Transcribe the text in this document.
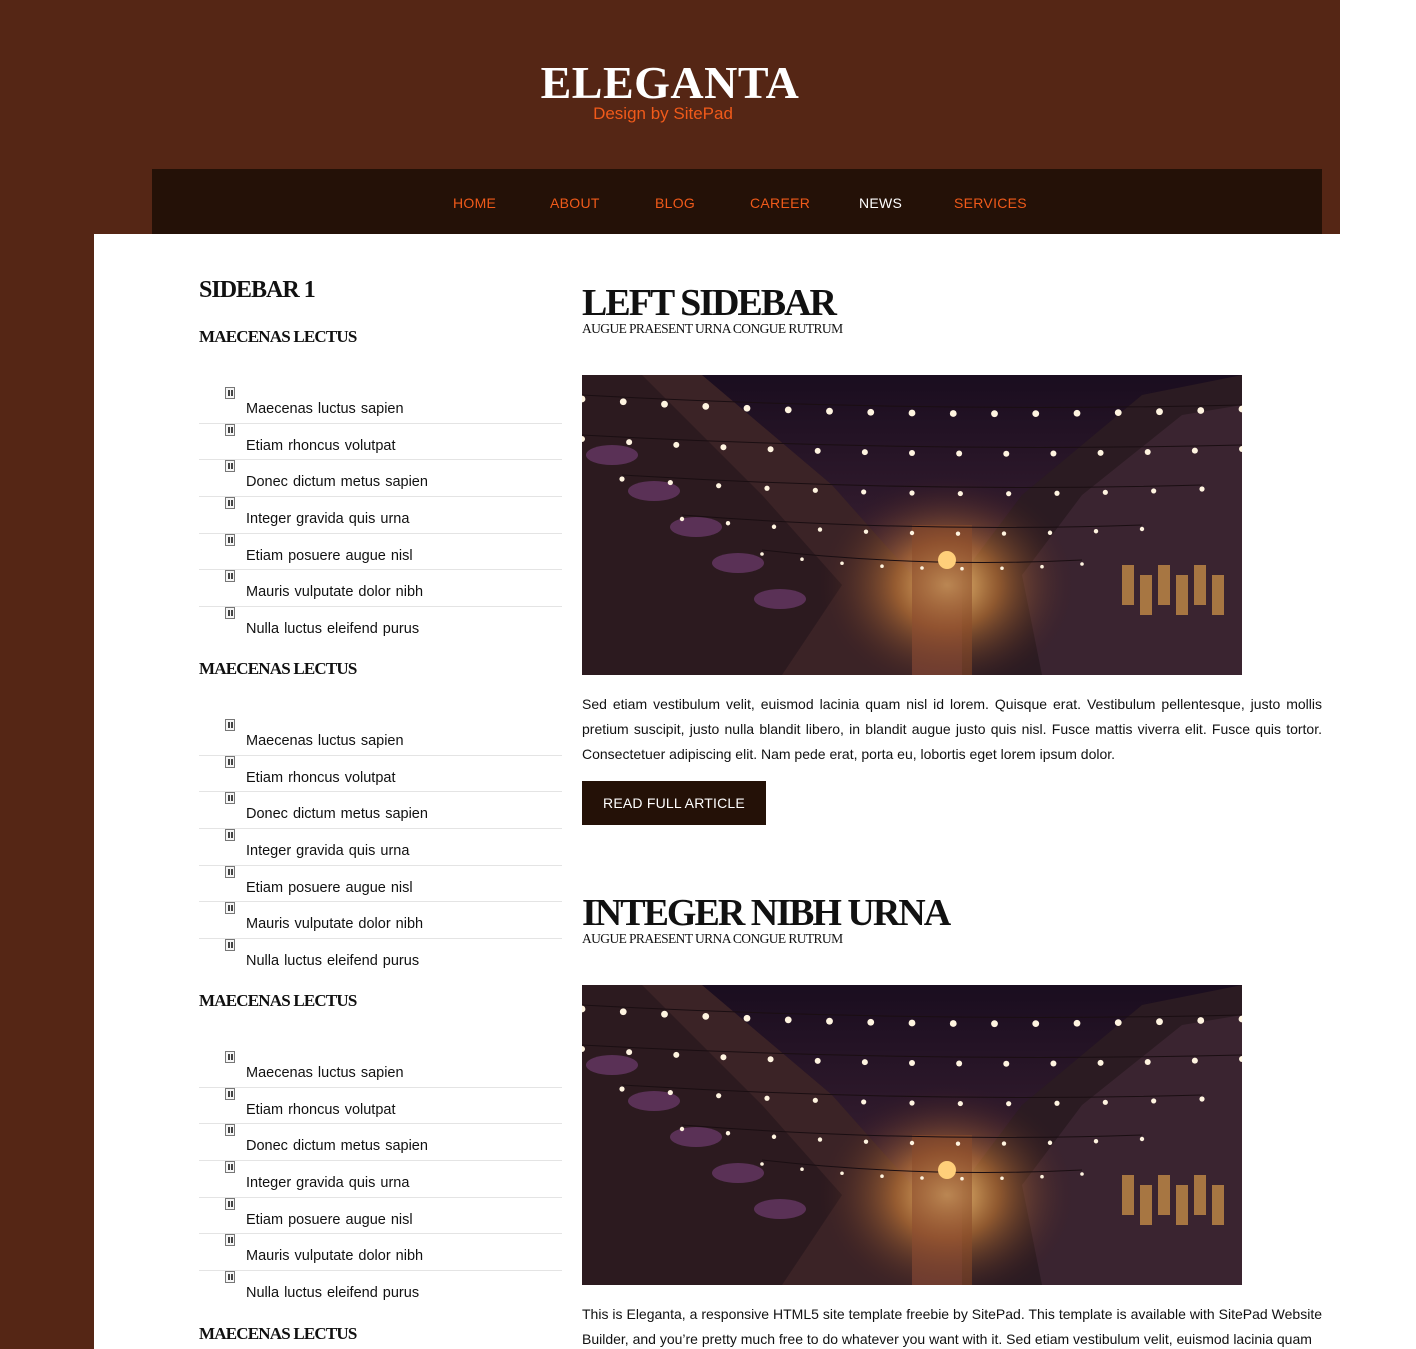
ELEGANTA
Design by SitePad
HOME	ABOUT	BLOG	CAREER	NEWS	SERVICES
SIDEBAR 1
MAECENAS LECTUS
Maecenas luctus sapien
Etiam rhoncus volutpat
Donec dictum metus sapien
Integer gravida quis urna
Etiam posuere augue nisl
Mauris vulputate dolor nibh
Nulla luctus eleifend purus
MAECENAS LECTUS
Maecenas luctus sapien
Etiam rhoncus volutpat
Donec dictum metus sapien
Integer gravida quis urna
Etiam posuere augue nisl
Mauris vulputate dolor nibh
Nulla luctus eleifend purus
MAECENAS LECTUS
Maecenas luctus sapien
Etiam rhoncus volutpat
Donec dictum metus sapien
Integer gravida quis urna
Etiam posuere augue nisl
Mauris vulputate dolor nibh
Nulla luctus eleifend purus
MAECENAS LECTUS
LEFT SIDEBAR
AUGUE PRAESENT URNA CONGUE RUTRUM

Sed etiam vestibulum velit, euismod lacinia quam nisl id lorem. Quisque erat. Vestibulum pellentesque, justo mollis pretium suscipit, justo nulla blandit libero, in blandit augue justo quis nisl. Fusce mattis viverra elit. Fusce quis tortor. Consectetuer adipiscing elit. Nam pede erat, porta eu, lobortis eget lorem ipsum dolor.

READ FULL ARTICLE
INTEGER NIBH URNA
AUGUE PRAESENT URNA CONGUE RUTRUM

This is Eleganta, a responsive HTML5 site template freebie by SitePad. This template is available with SitePad Website Builder, and you’re pretty much free to do whatever you want with it. Sed etiam vestibulum velit, euismod lacinia quam
